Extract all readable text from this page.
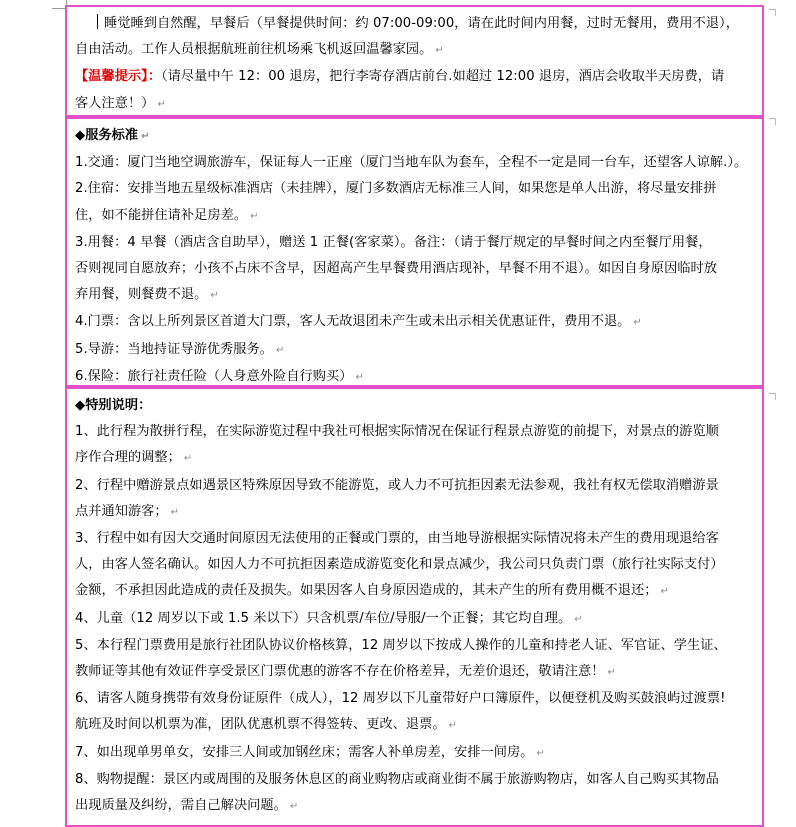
睡觉睡到自然醒，早餐后（早餐提供时间：约 07:00-09:00，请在此时间内用餐，过时无餐用，费用不退），
自由活动。工作人员根据航班前往机场乘飞机返回温馨家园。 ↵
【温馨提示】：（请尽量中午 12：00 退房，把行李寄存酒店前台.如超过 12:00 退房，酒店会收取半天房费，请
客人注意！） ↵
◆服务标准 ↵
1.交通：厦门当地空调旅游车，保证每人一正座（厦门当地车队为套车，全程不一定是同一台车，还望客人谅解.）。
2.住宿：安排当地五星级标准酒店（未挂牌），厦门多数酒店无标准三人间，如果您是单人出游，将尽量安排拼
住，如不能拼住请补足房差。 ↵
3.用餐：4 早餐（酒店含自助早），赠送 1 正餐(客家菜）。备注：（请于餐厅规定的早餐时间之内至餐厅用餐，
否则视同自愿放弃；小孩不占床不含早，因超高产生早餐费用酒店现补，早餐不用不退）。如因自身原因临时放
弃用餐，则餐费不退。 ↵
4.门票：含以上所列景区首道大门票，客人无故退团未产生或未出示相关优惠证件，费用不退。 ↵
5.导游：当地持证导游优秀服务。 ↵
6.保险：旅行社责任险（人身意外险自行购买） ↵
◆特别说明：
1、此行程为散拼行程，在实际游览过程中我社可根据实际情况在保证行程景点游览的前提下，对景点的游览顺
序作合理的调整； ↵
2、行程中赠游景点如遇景区特殊原因导致不能游览，或人力不可抗拒因素无法参观，我社有权无偿取消赠游景
点并通知游客； ↵
3、行程中如有因大交通时间原因无法使用的正餐或门票的，由当地导游根据实际情况将未产生的费用现退给客
人，由客人签名确认。如因人力不可抗拒因素造成游览变化和景点减少，我公司只负责门票（旅行社实际支付）
金额，不承担因此造成的责任及损失。如果因客人自身原因造成的，其未产生的所有费用概不退还； ↵
4、儿童（12 周岁以下或 1.5 米以下）只含机票/车位/导服/一个正餐；其它均自理。 ↵
5、本行程门票费用是旅行社团队协议价格核算，12 周岁以下按成人操作的儿童和持老人证、军官证、学生证、
教师证等其他有效证件享受景区门票优惠的游客不存在价格差异，无差价退还，敬请注意！ ↵
6、请客人随身携带有效身份证原件（成人），12 周岁以下儿童带好户口簿原件，以便登机及购买鼓浪屿过渡票!
航班及时间以机票为准，团队优惠机票不得签转、更改、退票。 ↵
7、如出现单男单女，安排三人间或加钢丝床；需客人补单房差，安排一间房。 ↵
8、购物提醒：景区内或周围的及服务休息区的商业购物店或商业街不属于旅游购物店，如客人自己购买其物品
出现质量及纠纷，需自己解决问题。 ↵
